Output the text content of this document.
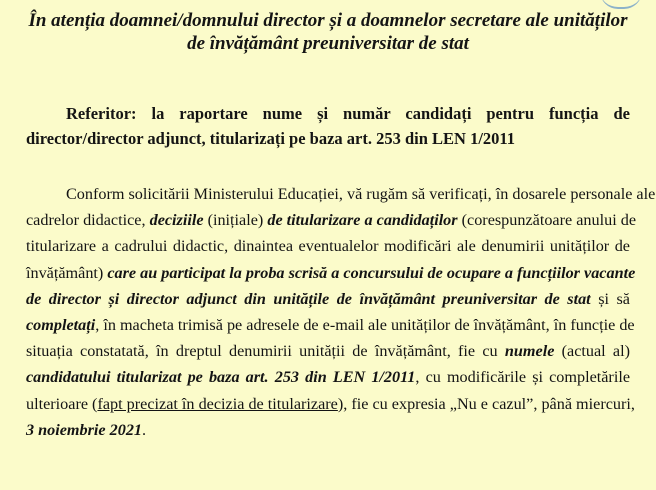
În atenția doamnei/domnului director și a doamnelor secretare ale unităților
de învățământ preuniversitar de stat
Referitor: la raportare nume și număr candidați pentru funcția de director/director adjunct, titularizați pe baza art. 253 din LEN 1/2011
Conform solicitării Ministerului Educației, vă rugăm să verificați, în dosarele personale ale
cadrelor didactice, deciziile (inițiale) de titularizare a candidaților (corespunzătoare anului de
titularizare a cadrului didactic, dinaintea eventualelor modificări ale denumirii unităților de
învățământ) care au participat la proba scrisă a concursului de ocupare a funcțiilor vacante
de director și director adjunct din unitățile de învățământ preuniversitar de stat și să
completați, în macheta trimisă pe adresele de e-mail ale unităților de învățământ, în funcție de
situația constatată, în dreptul denumirii unității de învățământ, fie cu numele (actual al)
candidatului titularizat pe baza art. 253 din LEN 1/2011, cu modificările și completările
ulterioare (fapt precizat în decizia de titularizare), fie cu expresia „Nu e cazul”, până miercuri,
3 noiembrie 2021.
